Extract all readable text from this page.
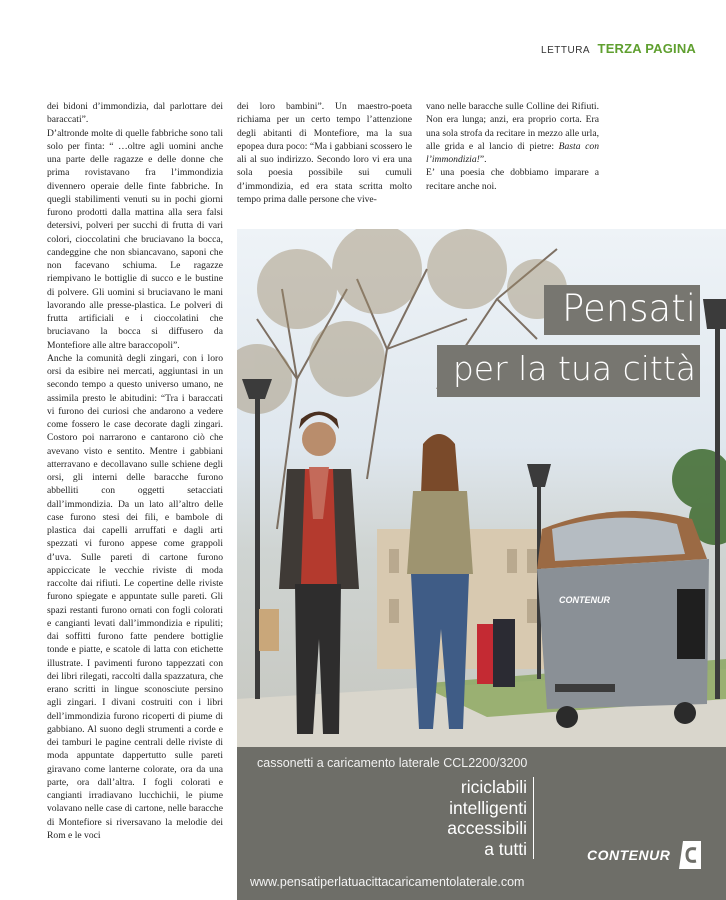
LETTURA TERZA PAGINA

dei bidoni d’immondizia, dal parlottare dei baraccati”.

D’altronde molte di quelle fabbriche sono tali solo per finta: “ …oltre agli uomini anche una parte delle ragazze e delle donne che prima rovistavano fra l’immondizia divennero operaie delle finte fabbriche. In quegli stabilimenti venuti su in pochi giorni furono prodotti dalla mattina alla sera falsi detersivi, polveri per succhi di frutta di vari colori, cioccolatini che bruciavano la bocca, candeggine che non sbiancavano, saponi che non facevano schiuma. Le ragazze riempivano le bottiglie di succo e le bustine di polvere. Gli uomini si bruciavano le mani lavorando alle presse-plastica. Le polveri di frutta artificiali e i cioccolatini che bruciavano la bocca si diffusero da Montefiore alle altre baraccopoli”.

Anche la comunità degli zingari, con i loro orsi da esibire nei mercati, aggiuntasi in un secondo tempo a questo universo umano, ne assimila presto le abitudini: “Tra i baraccati vi furono dei curiosi che andarono a vedere come fossero le case decorate dagli zingari. Costoro poi narrarono e cantarono ciò che avevano visto e sentito. Mentre i gabbiani atterravano e decollavano sulle schiene degli orsi, gli interni delle baracche furono abbelliti con oggetti setacciati dall’immondizia. Da un lato all’altro delle case furono stesi dei fili, e bambole di plastica dai capelli arruffati e dagli arti spezzati vi furono appese come grappoli d’uva. Sulle pareti di cartone furono appiccicate le vecchie riviste di moda raccolte dai rifiuti. Le copertine delle riviste furono spiegate e appuntate sulle pareti. Gli spazi restanti furono ornati con fogli colorati e cangianti levati dall’immondizia e ripuliti; dai soffitti furono fatte pendere bottiglie tonde e piatte, e scatole di latta con etichette illustrate. I pavimenti furono tappezzati con dei libri rilegati, raccolti dalla spazzatura, che erano scritti in lingue sconosciute persino agli zingari. I divani costruiti con i libri dell’immondizia furono ricoperti di piume di gabbiano. Al suono degli strumenti a corde e dei tamburi le pagine centrali delle riviste di moda appuntate dappertutto sulle pareti giravano come lanterne colorate, ora da una parte, ora dall’altra. I fogli colorati e cangianti irradiavano lucchichii, le piume volavano nelle case di cartone, nelle baracche di Montefiore si riversavano la melodie dei Rom e le voci

dei loro bambini”. Un maestro-poeta richiama per un certo tempo l’attenzione degli abitanti di Montefiore, ma la sua epopea dura poco: “Ma i gabbiani scossero le ali al suo indirizzo. Secondo loro vi era una sola poesia possibile sui cumuli d’immondizia, ed era stata scritta molto tempo prima dalle persone che vive-

vano nelle baracche sulle Colline dei Rifiuti. Non era lunga; anzi, era proprio corta. Era una sola strofa da recitare in mezzo alle urla, alle grida e al lancio di pietre: Basta con l’immondizia!”.

E’ una poesia che dobbiamo imparare a recitare anche noi.

CONTENUR
Pensati
per la tua città
cassonetti a caricamento laterale CCL2200/3200
riciclabili
intelligenti
accessibili
a tutti	CONTENUR
www.pensatiperlatuacittacaricamentolaterale.com
